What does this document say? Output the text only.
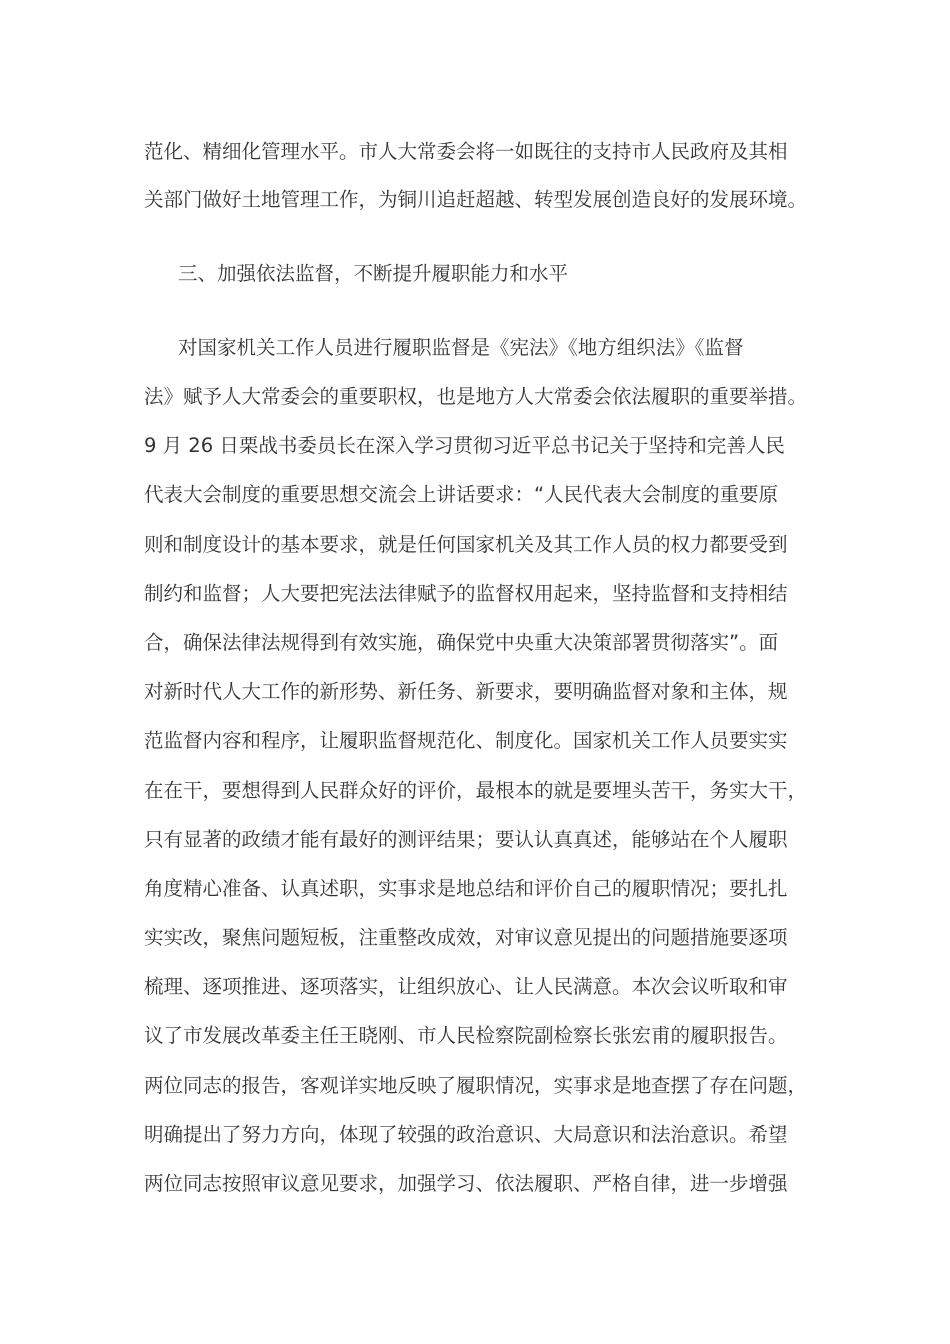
范化、精细化管理水平。市人大常委会将一如既往的支持市人民政府及其相
关部门做好土地管理工作，为铜川追赶超越、转型发展创造良好的发展环境。
三、加强依法监督，不断提升履职能力和水平
对国家机关工作人员进行履职监督是《宪法》《地方组织法》《监督
法》赋予人大常委会的重要职权，也是地方人大常委会依法履职的重要举措。
9 月 26 日栗战书委员长在深入学习贯彻习近平总书记关于坚持和完善人民
代表大会制度的重要思想交流会上讲话要求：“人民代表大会制度的重要原
则和制度设计的基本要求，就是任何国家机关及其工作人员的权力都要受到
制约和监督；人大要把宪法法律赋予的监督权用起来，坚持监督和支持相结
合，确保法律法规得到有效实施，确保党中央重大决策部署贯彻落实”。面
对新时代人大工作的新形势、新任务、新要求，要明确监督对象和主体，规
范监督内容和程序，让履职监督规范化、制度化。国家机关工作人员要实实
在在干，要想得到人民群众好的评价，最根本的就是要埋头苦干，务实大干，
只有显著的政绩才能有最好的测评结果；要认认真真述，能够站在个人履职
角度精心准备、认真述职，实事求是地总结和评价自己的履职情况；要扎扎
实实改，聚焦问题短板，注重整改成效，对审议意见提出的问题措施要逐项
梳理、逐项推进、逐项落实，让组织放心、让人民满意。本次会议听取和审
议了市发展改革委主任王晓刚、市人民检察院副检察长张宏甫的履职报告。
两位同志的报告，客观详实地反映了履职情况，实事求是地查摆了存在问题，
明确提出了努力方向，体现了较强的政治意识、大局意识和法治意识。希望
两位同志按照审议意见要求，加强学习、依法履职、严格自律，进一步增强
